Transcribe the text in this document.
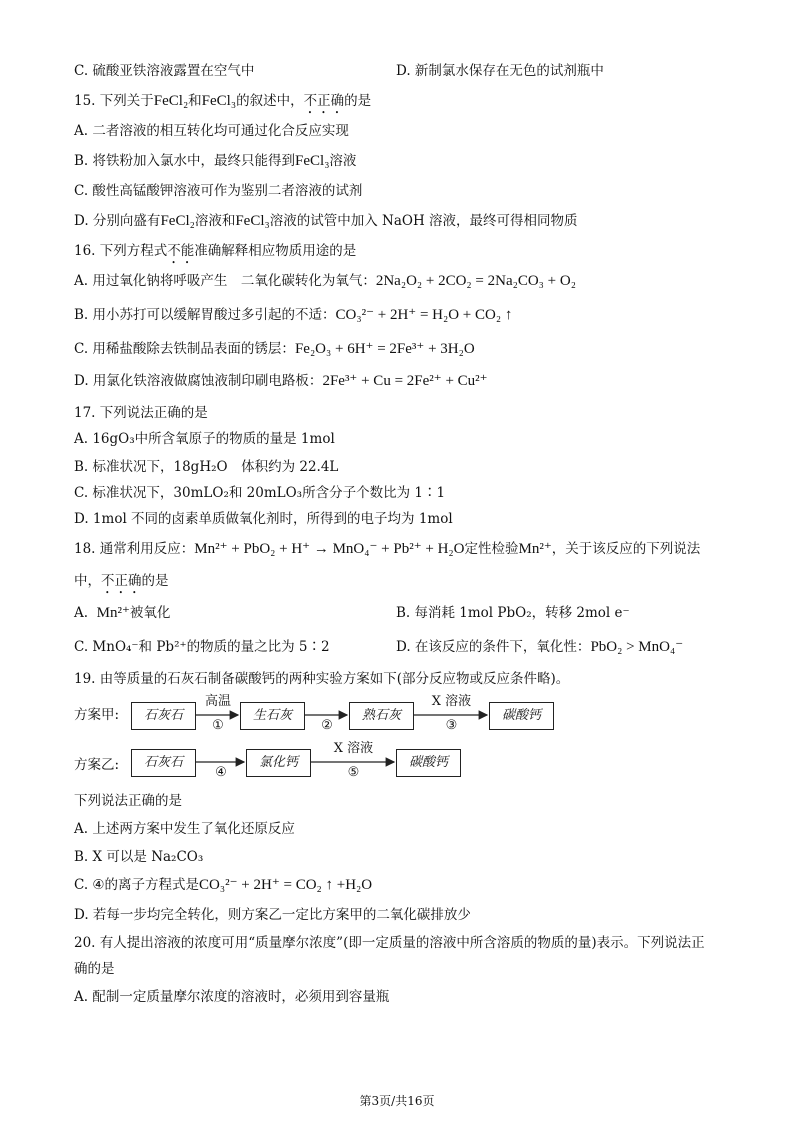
C. 硫酸亚铁溶液露置在空气中	D. 新制氯水保存在无色的试剂瓶中
15. 下列关于FeCl₂和FeCl₃的叙述中，不正确的是
A. 二者溶液的相互转化均可通过化合反应实现
B. 将铁粉加入氯水中，最终只能得到FeCl₃溶液
C. 酸性高锰酸钾溶液可作为鉴别二者溶液的试剂
D. 分别向盛有FeCl₂溶液和FeCl₃溶液的试管中加入 NaOH 溶液，最终可得相同物质
16. 下列方程式不能准确解释相应物质用途的是
A. 用过氧化钠将呼吸产生　二氧化碳转化为氧气：2Na₂O₂ + 2CO₂ = 2Na₂CO₃ + O₂
B. 用小苏打可以缓解胃酸过多引起的不适：CO₃²⁻ + 2H⁺ = H₂O + CO₂ ↑
C. 用稀盐酸除去铁制品表面的锈层：Fe₂O₃ + 6H⁺ = 2Fe³⁺ + 3H₂O
D. 用氯化铁溶液做腐蚀液制印刷电路板：2Fe³⁺ + Cu = 2Fe²⁺ + Cu²⁺
17. 下列说法正确的是
A. 16gO₃中所含氧原子的物质的量是 1mol
B. 标准状况下，18gH₂O　体积约为 22.4L
C. 标准状况下，30mLO₂和 20mLO₃所含分子个数比为 1∶1
D. 1mol 不同的卤素单质做氧化剂时，所得到的电子均为 1mol
18. 通常利用反应：Mn²⁺ + PbO₂ + H⁺ → MnO₄⁻ + Pb²⁺ + H₂O定性检验Mn²⁺，关于该反应的下列说法
中，不正确的是
A. Mn²⁺被氧化	B. 每消耗 1mol PbO₂，转移 2mol e⁻
C. MnO₄⁻和 Pb²⁺的物质的量之比为 5∶2	D. 在该反应的条件下，氧化性：PbO₂ > MnO₄⁻
19. 由等质量的石灰石制备碳酸钙的两种实验方案如下(部分反应物或反应条件略)。
方案甲:	石灰石	生石灰	熟石灰	碳酸钙
高温
①	②
X 溶液
③
方案乙:	石灰石	氯化钙	碳酸钙
④
X 溶液
⑤
下列说法正确的是
A. 上述两方案中发生了氧化还原反应
B. X 可以是 Na₂CO₃
C. ④的离子方程式是CO₃²⁻ + 2H⁺ = CO₂ ↑ +H₂O
D. 若每一步均完全转化，则方案乙一定比方案甲的二氧化碳排放少
20. 有人提出溶液的浓度可用“质量摩尔浓度”(即一定质量的溶液中所含溶质的物质的量)表示。下列说法正
确的是
A. 配制一定质量摩尔浓度的溶液时，必须用到容量瓶
第3页/共16页
